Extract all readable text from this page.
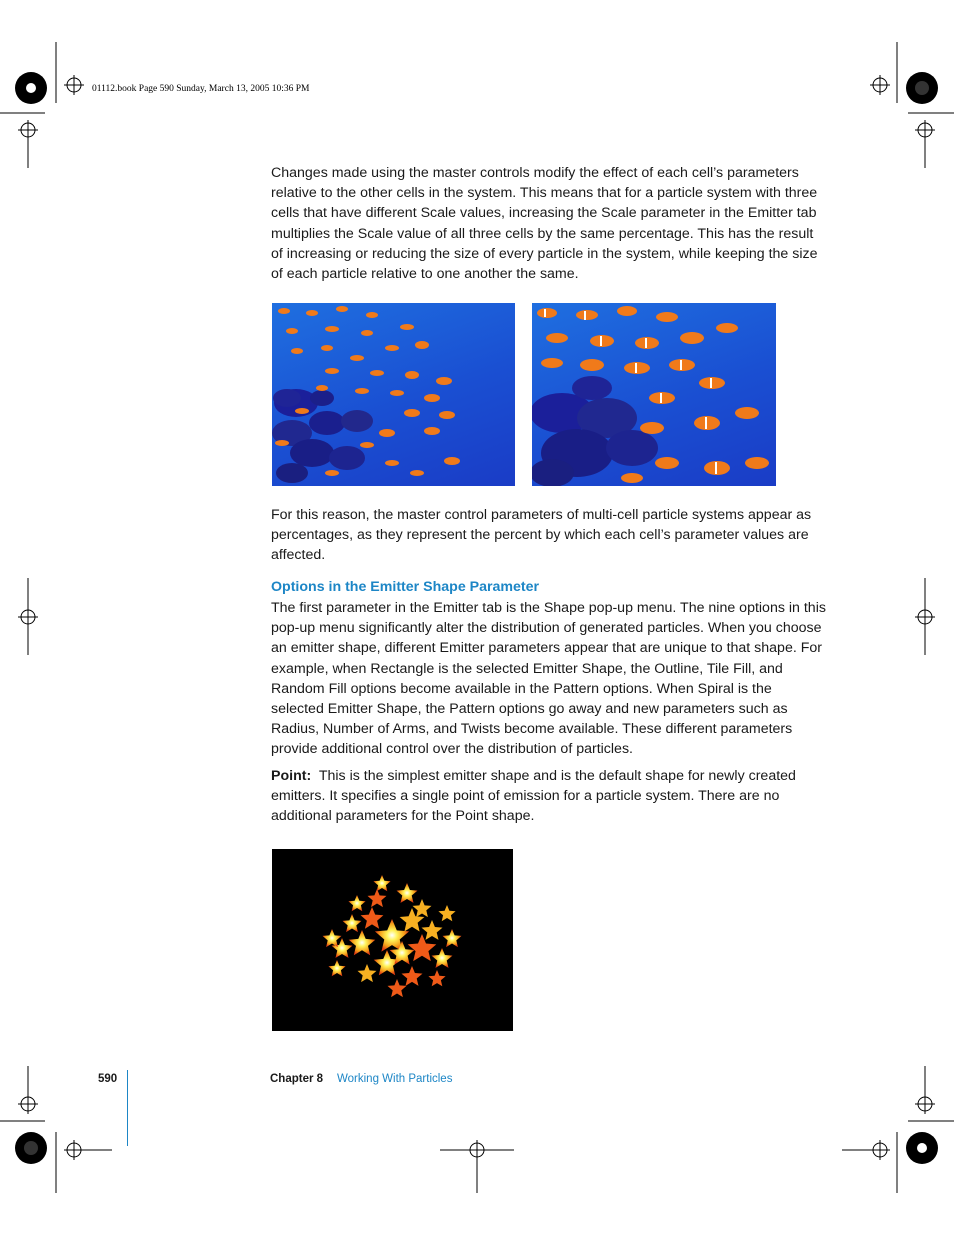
01112.book Page 590 Sunday, March 13, 2005 10:36 PM

Changes made using the master controls modify the effect of each cell’s parameters relative to the other cells in the system. This means that for a particle system with three cells that have different Scale values, increasing the Scale parameter in the Emitter tab multiplies the Scale value of all three cells by the same percentage. This has the result of increasing or reducing the size of every particle in the system, while keeping the size of each particle relative to one another the same.

For this reason, the master control parameters of multi-cell particle systems appear as percentages, as they represent the percent by which each cell’s parameter values are affected.

Options in the Emitter Shape Parameter

The first parameter in the Emitter tab is the Shape pop-up menu. The nine options in this pop-up menu significantly alter the distribution of generated particles. When you choose an emitter shape, different Emitter parameters appear that are unique to that shape. For example, when Rectangle is the selected Emitter Shape, the Outline, Tile Fill, and Random Fill options become available in the Pattern options. When Spiral is the selected Emitter Shape, the Pattern options go away and new parameters such as Radius, Number of Arms, and Twists become available. These different parameters provide additional control over the distribution of particles.

Point: This is the simplest emitter shape and is the default shape for newly created emitters. It specifies a single point of emission for a particle system. There are no additional parameters for the Point shape.

590	Chapter 8 Working With Particles
